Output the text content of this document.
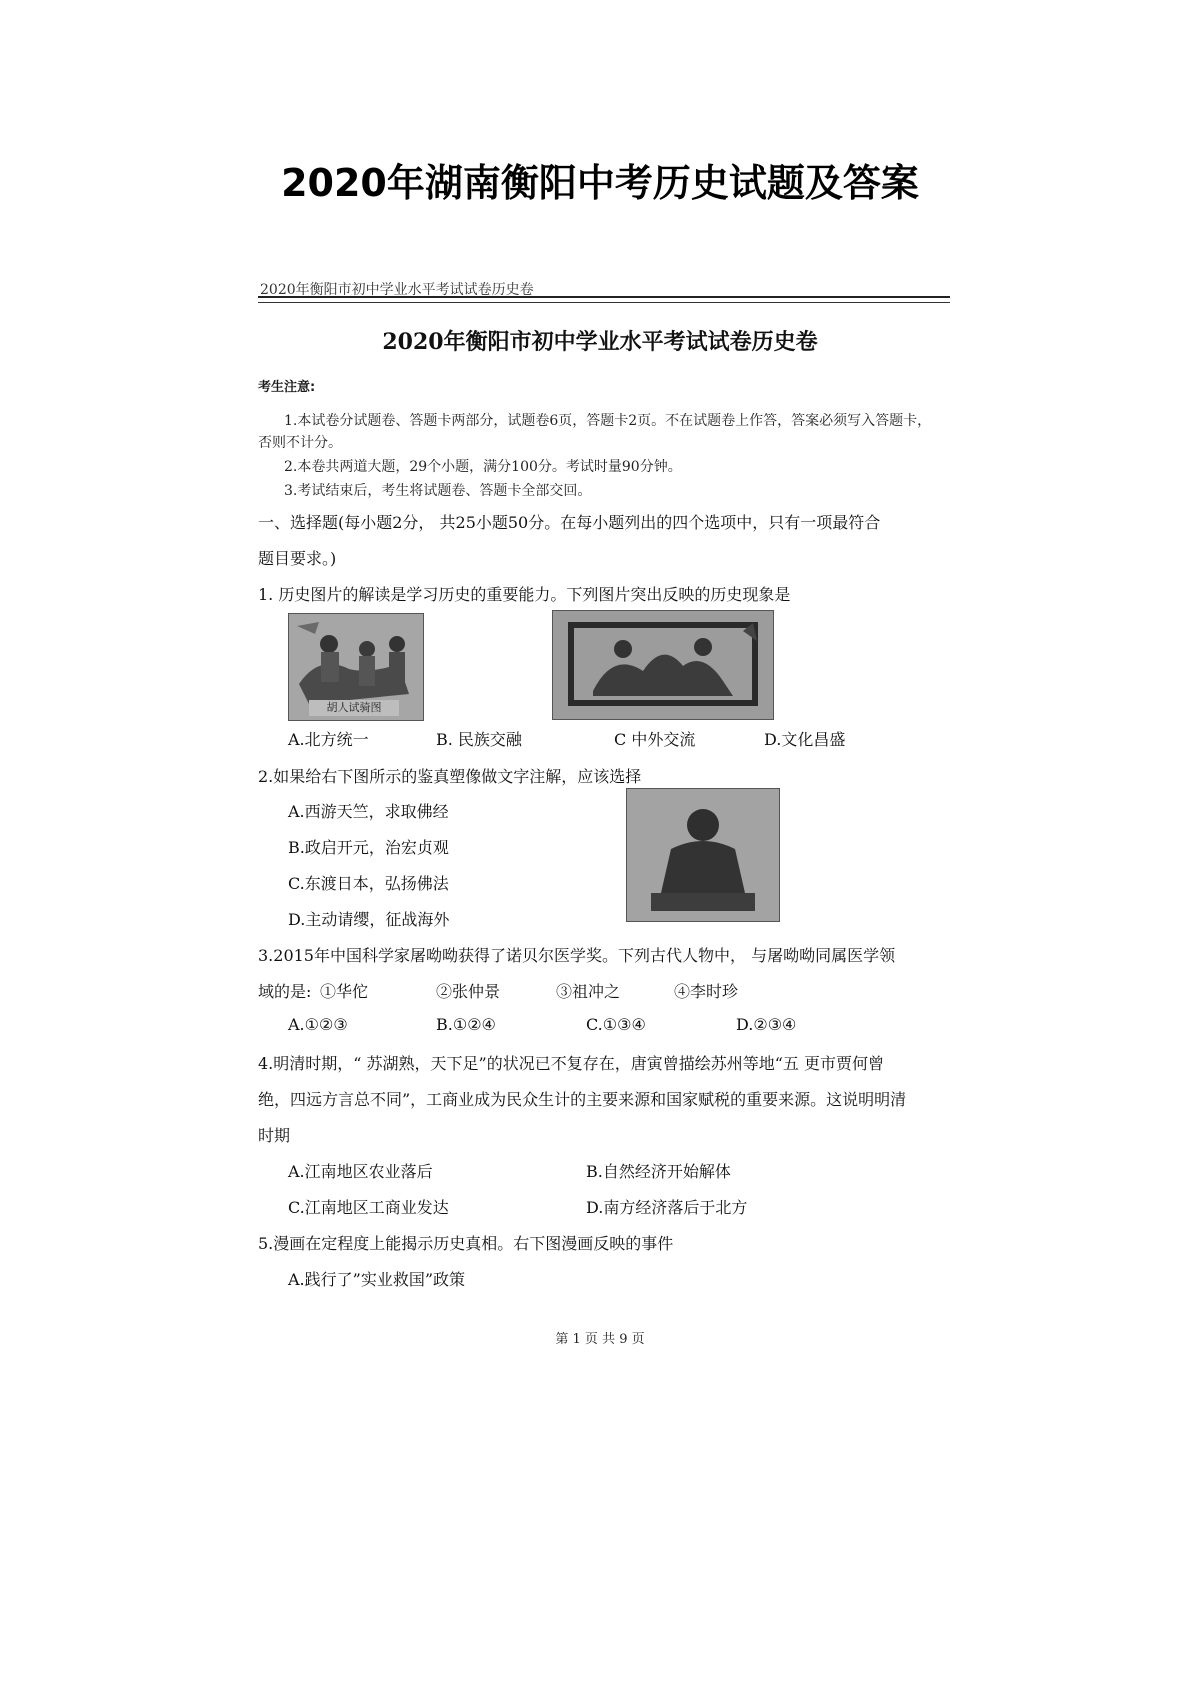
2020年湖南衡阳中考历史试题及答案
2020年衡阳市初中学业水平考试试卷历史卷
2020年衡阳市初中学业水平考试试卷历史卷
考生注意:
1.本试卷分试题卷、答题卡两部分，试题卷6页，答题卡2页。不在试题卷上作答，答案必须写入答题卡，
否则不计分。
2.本卷共两道大题，29个小题，满分100分。考试时量90分钟。
3.考试结束后，考生将试题卷、答题卡全部交回。
一、选择题(每小题2分， 共25小题50分。在每小题列出的四个选项中，只有一项最符合
题目要求。)
1. 历史图片的解读是学习历史的重要能力。下列图片突出反映的历史现象是
胡人试骑图
A.北方统一	B. 民族交融	C 中外交流	D.文化昌盛
2.如果给右下图所示的鉴真塑像做文字注解，应该选择
A.西游天竺，求取佛经
B.政启开元，治宏贞观
C.东渡日本，弘扬佛法
D.主动请缨，征战海外
3.2015年中国科学家屠呦呦获得了诺贝尔医学奖。下列古代人物中， 与屠呦呦同属医学领
域的是: ①华佗	②张仲景	③祖冲之	④李时珍
A.①②③	B.①②④	C.①③④	D.②③④
4.明清时期，“ 苏湖熟，天下足”的状况已不复存在，唐寅曾描绘苏州等地“五 更市贾何曾
绝，四远方言总不同”，工商业成为民众生计的主要来源和国家赋税的重要来源。这说明明清
时期
A.江南地区农业落后	B.自然经济开始解体
C.江南地区工商业发达	D.南方经济落后于北方
5.漫画在定程度上能揭示历史真相。右下图漫画反映的事件
A.践行了”实业救国”政策
第 1 页 共 9 页
